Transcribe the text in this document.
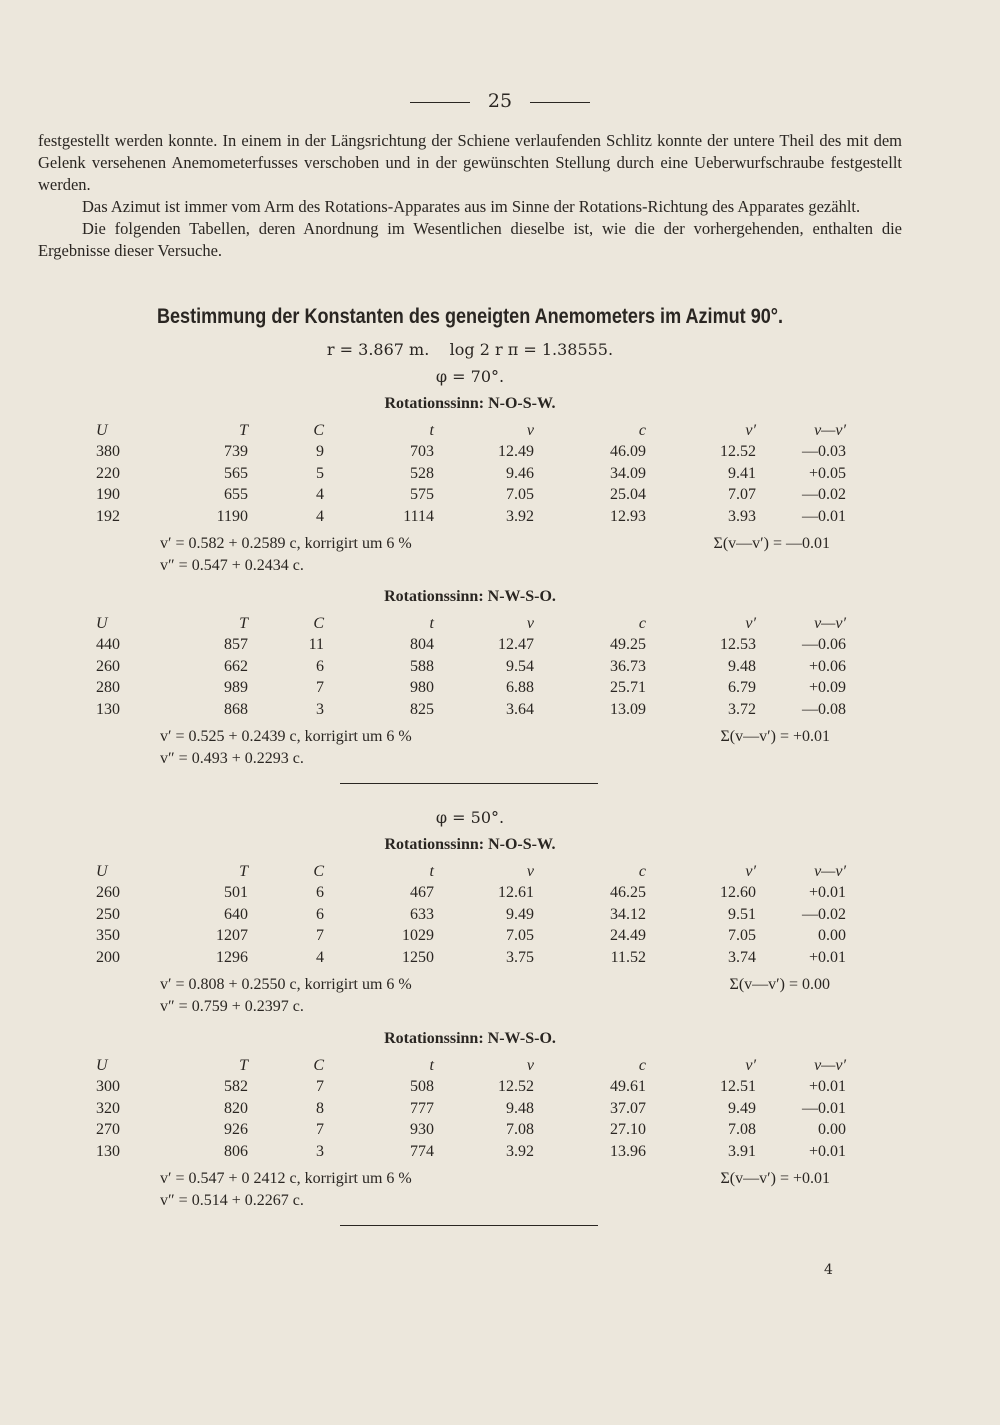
25

festgestellt werden konnte. In einem in der Längsrichtung der Schiene verlaufenden Schlitz konnte der untere Theil des mit dem Gelenk versehenen Anemometerfusses verschoben und in der gewünschten Stellung durch eine Ueberwurfschraube festgestellt werden.

Das Azimut ist immer vom Arm des Rotations-Apparates aus im Sinne der Rotations-Richtung des Apparates gezählt.

Die folgenden Tabellen, deren Anordnung im Wesentlichen dieselbe ist, wie die der vorhergehenden, enthalten die Ergebnisse dieser Versuche.

Bestimmung der Konstanten des geneigten Anemometers im Azimut 90°.
r = 3.867 m. log 2 r π = 1.38555.
φ = 70°.
Rotationssinn: N-O-S-W.
U	T	C	t	v	c	v′	v—v′
380	739	9	703	12.49	46.09	12.52	—0.03
220	565	5	528	9.46	34.09	9.41	+0.05
190	655	4	575	7.05	25.04	7.07	—0.02
192	1190	4	1114	3.92	12.93	3.93	—0.01
v′ = 0.582 + 0.2589 c, korrigirt um 6 %	Σ(v—v′) = —0.01
v″ = 0.547 + 0.2434 c.
Rotationssinn: N-W-S-O.
U	T	C	t	v	c	v′	v—v′
440	857	11	804	12.47	49.25	12.53	—0.06
260	662	6	588	9.54	36.73	9.48	+0.06
280	989	7	980	6.88	25.71	6.79	+0.09
130	868	3	825	3.64	13.09	3.72	—0.08
v′ = 0.525 + 0.2439 c, korrigirt um 6 %	Σ(v—v′) = +0.01
v″ = 0.493 + 0.2293 c.
φ = 50°.
Rotationssinn: N-O-S-W.
U	T	C	t	v	c	v′	v—v′
260	501	6	467	12.61	46.25	12.60	+0.01
250	640	6	633	9.49	34.12	9.51	—0.02
350	1207	7	1029	7.05	24.49	7.05	0.00
200	1296	4	1250	3.75	11.52	3.74	+0.01
v′ = 0.808 + 0.2550 c, korrigirt um 6 %	Σ(v—v′) = 0.00
v″ = 0.759 + 0.2397 c.
Rotationssinn: N-W-S-O.
U	T	C	t	v	c	v′	v—v′
300	582	7	508	12.52	49.61	12.51	+0.01
320	820	8	777	9.48	37.07	9.49	—0.01
270	926	7	930	7.08	27.10	7.08	0.00
130	806	3	774	3.92	13.96	3.91	+0.01
v′ = 0.547 + 0 2412 c, korrigirt um 6 %	Σ(v—v′) = +0.01
v″ = 0.514 + 0.2267 c.
4
